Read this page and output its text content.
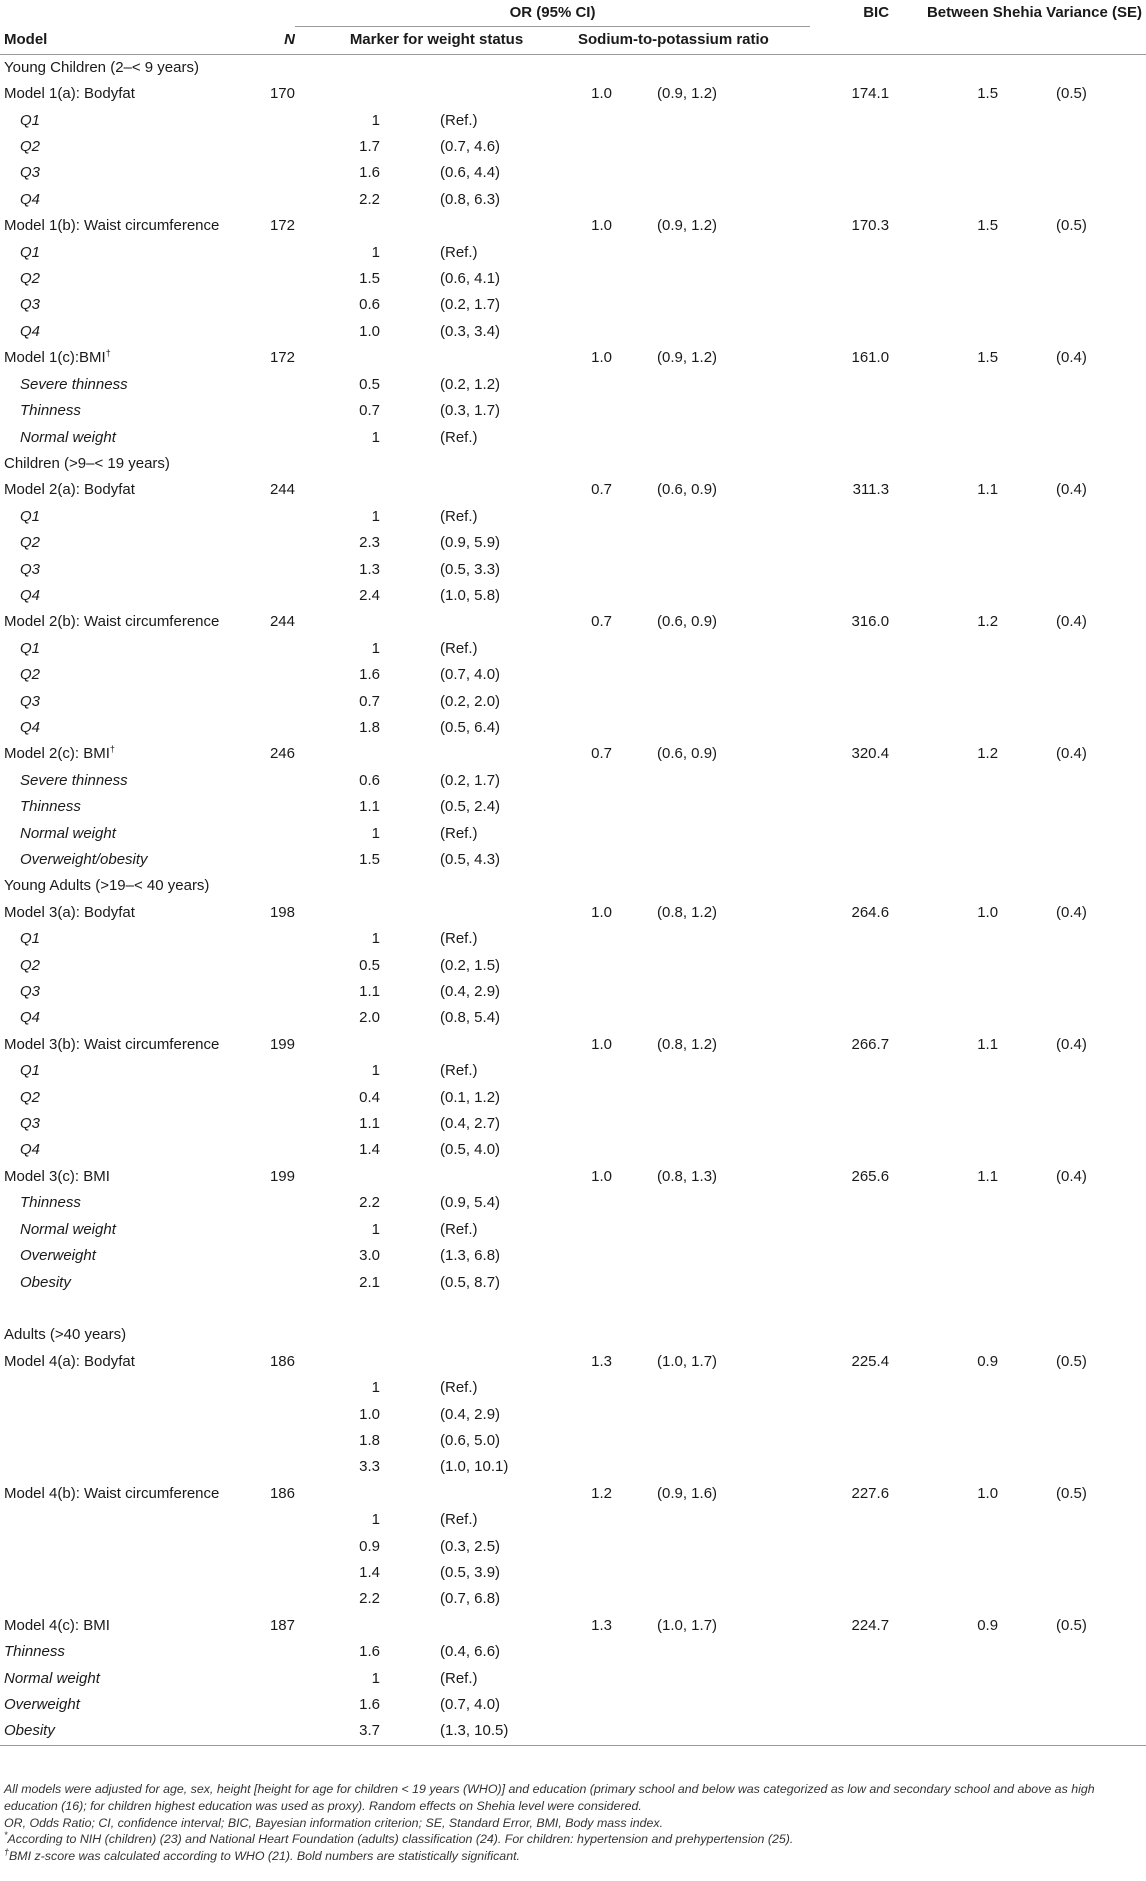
		OR (95% CI)				BIC	Between Shehia Variance (SE)	
Model	N	Marker for weight status		Sodium-to-potassium ratio				
Young Children (2–< 9 years)								
Model 1(a): Bodyfat	170			1.0	(0.9, 1.2)	174.1	1.5	(0.5)
Q1		1	(Ref.)					
Q2		1.7	(0.7, 4.6)					
Q3		1.6	(0.6, 4.4)					
Q4		2.2	(0.8, 6.3)					
Model 1(b): Waist circumference	172			1.0	(0.9, 1.2)	170.3	1.5	(0.5)
Q1		1	(Ref.)					
Q2		1.5	(0.6, 4.1)					
Q3		0.6	(0.2, 1.7)					
Q4		1.0	(0.3, 3.4)					
Model 1(c):BMI†	172			1.0	(0.9, 1.2)	161.0	1.5	(0.4)
Severe thinness		0.5	(0.2, 1.2)					
Thinness		0.7	(0.3, 1.7)					
Normal weight		1	(Ref.)					
Children (>9–< 19 years)								
Model 2(a): Bodyfat	244			0.7	(0.6, 0.9)	311.3	1.1	(0.4)
Q1		1	(Ref.)					
Q2		2.3	(0.9, 5.9)					
Q3		1.3	(0.5, 3.3)					
Q4		2.4	(1.0, 5.8)					
Model 2(b): Waist circumference	244			0.7	(0.6, 0.9)	316.0	1.2	(0.4)
Q1		1	(Ref.)					
Q2		1.6	(0.7, 4.0)					
Q3		0.7	(0.2, 2.0)					
Q4		1.8	(0.5, 6.4)					
Model 2(c): BMI†	246			0.7	(0.6, 0.9)	320.4	1.2	(0.4)
Severe thinness		0.6	(0.2, 1.7)					
Thinness		1.1	(0.5, 2.4)					
Normal weight		1	(Ref.)					
Overweight/obesity		1.5	(0.5, 4.3)					
Young Adults (>19–< 40 years)								
Model 3(a): Bodyfat	198			1.0	(0.8, 1.2)	264.6	1.0	(0.4)
Q1		1	(Ref.)					
Q2		0.5	(0.2, 1.5)					
Q3		1.1	(0.4, 2.9)					
Q4		2.0	(0.8, 5.4)					
Model 3(b): Waist circumference	199			1.0	(0.8, 1.2)	266.7	1.1	(0.4)
Q1		1	(Ref.)					
Q2		0.4	(0.1, 1.2)					
Q3		1.1	(0.4, 2.7)					
Q4		1.4	(0.5, 4.0)					
Model 3(c): BMI	199			1.0	(0.8, 1.3)	265.6	1.1	(0.4)
Thinness		2.2	(0.9, 5.4)					
Normal weight		1	(Ref.)					
Overweight		3.0	(1.3, 6.8)					
Obesity		2.1	(0.5, 8.7)					

Adults (>40 years)								
Model 4(a): Bodyfat	186			1.3	(1.0, 1.7)	225.4	0.9	(0.5)
		1	(Ref.)					
		1.0	(0.4, 2.9)					
		1.8	(0.6, 5.0)					
		3.3	(1.0, 10.1)					
Model 4(b): Waist circumference	186			1.2	(0.9, 1.6)	227.6	1.0	(0.5)
		1	(Ref.)					
		0.9	(0.3, 2.5)					
		1.4	(0.5, 3.9)					
		2.2	(0.7, 6.8)					
Model 4(c): BMI	187			1.3	(1.0, 1.7)	224.7	0.9	(0.5)
Thinness		1.6	(0.4, 6.6)					
Normal weight		1	(Ref.)					
Overweight		1.6	(0.7, 4.0)					
Obesity		3.7	(1.3, 10.5)					

All models were adjusted for age, sex, height [height for age for children < 19 years (WHO)] and education (primary school and below was categorized as low and secondary school and above as high education (16); for children highest education was used as proxy). Random effects on Shehia level were considered.

OR, Odds Ratio; CI, confidence interval; BIC, Bayesian information criterion; SE, Standard Error, BMI, Body mass index.

*According to NIH (children) (23) and National Heart Foundation (adults) classification (24). For children: hypertension and prehypertension (25).

†BMI z-score was calculated according to WHO (21). Bold numbers are statistically significant.
